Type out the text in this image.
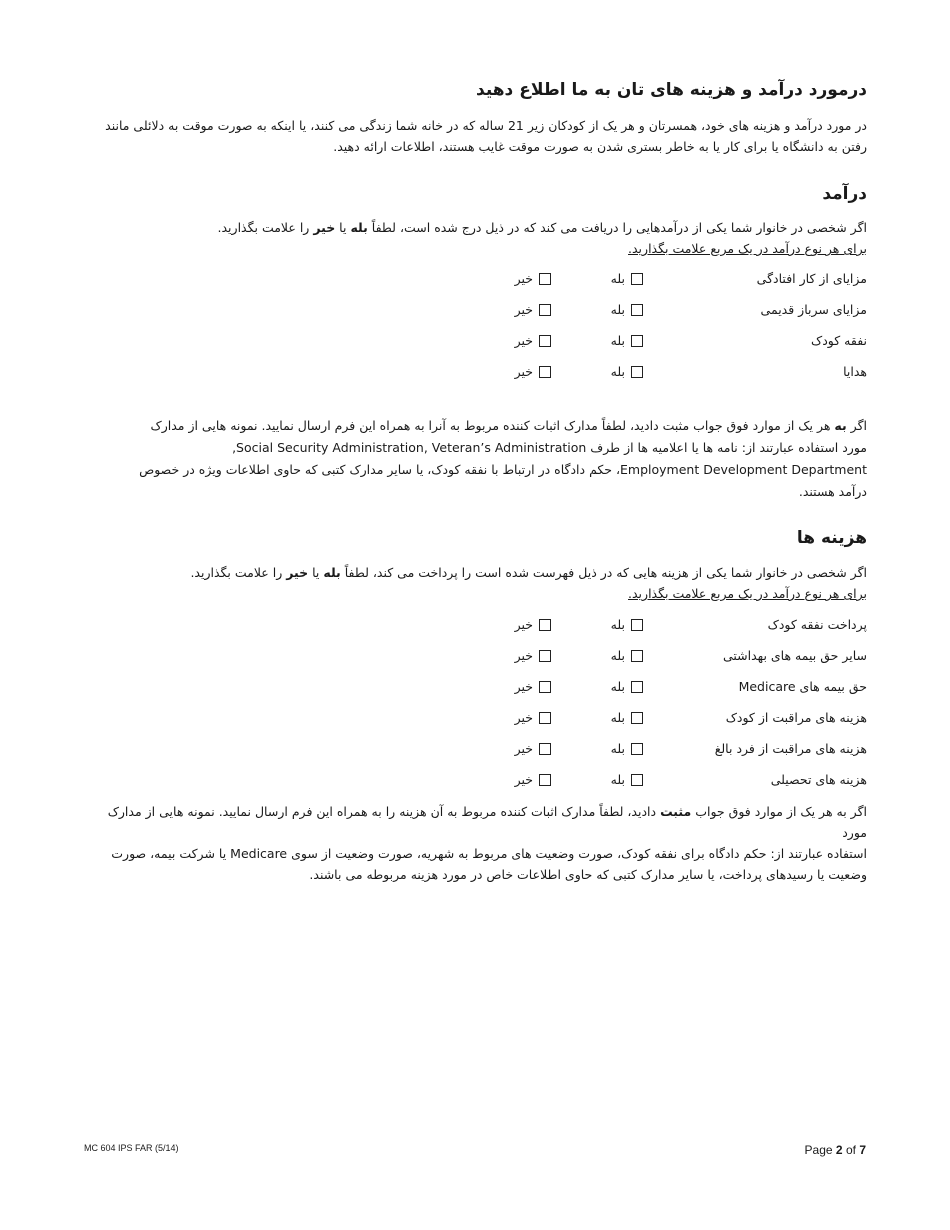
درمورد درآمد و هزینه های تان به ما اطلاع دهید

در مورد درآمد و هزینه های خود، همسرتان و هر یک از کودکان زیر 21 ساله که در خانه شما زندگی می کنند، یا اینکه به صورت موقت به دلائلی مانند
رفتن به دانشگاه یا برای کار یا به خاطر بستری شدن به صورت موقت غایب هستند، اطلاعات ارائه دهید.

درآمد

اگر شخصی در خانوار شما یکی از درآمدهایی را دریافت می کند که در ذیل درج شده است، لطفاً بله یا خیر را علامت بگذارید.
برای هر نوع درآمد در یک مربع علامت بگذارید.

مزایای از کار افتادگی
بله
خیر
مزایای سرباز قدیمی
بله
خیر
نفقه کودک
بله
خیر
هدایا
بله
خیر

اگر به هر یک از موارد فوق جواب مثبت دادید، لطفاً مدارک اثبات کننده مربوط به آنرا به همراه این فرم ارسال نمایید. نمونه هایی از مدارک
مورد استفاده عبارتند از: نامه ها یا اعلامیه ها از طرف Social Security Administration, Veteran’s Administration,
Employment Development Department، حکم دادگاه در ارتباط با نفقه کودک، یا سایر مدارک کتبی که حاوی اطلاعات ویژه در خصوص
درآمد هستند.

هزینه ها

اگر شخصی در خانوار شما یکی از هزینه هایی که در ذیل فهرست شده است را پرداخت می کند، لطفاً بله یا خیر را علامت بگذارید.
برای هر نوع درآمد در یک مربع علامت بگذارید.

پرداخت نفقه کودک
بله
خیر
سایر حق بیمه های بهداشتی
بله
خیر
حق بیمه های Medicare
بله
خیر
هزینه های مراقبت از کودک
بله
خیر
هزینه های مراقبت از فرد بالغ
بله
خیر
هزینه های تحصیلی
بله
خیر

اگر به هر یک از موارد فوق جواب مثبت دادید، لطفاً مدارک اثبات کننده مربوط به آن هزینه را به همراه این فرم ارسال نمایید. نمونه هایی از مدارک مورد
استفاده عبارتند از: حکم دادگاه برای نفقه کودک، صورت وضعیت های مربوط به شهریه، صورت وضعیت از سوی Medicare یا شرکت بیمه، صورت
وضعیت یا رسیدهای پرداخت، یا سایر مدارک کتبی که حاوی اطلاعات خاص در مورد هزینه مربوطه می باشند.

MC 604 IPS FAR (5/14)	Page 2 of 7
